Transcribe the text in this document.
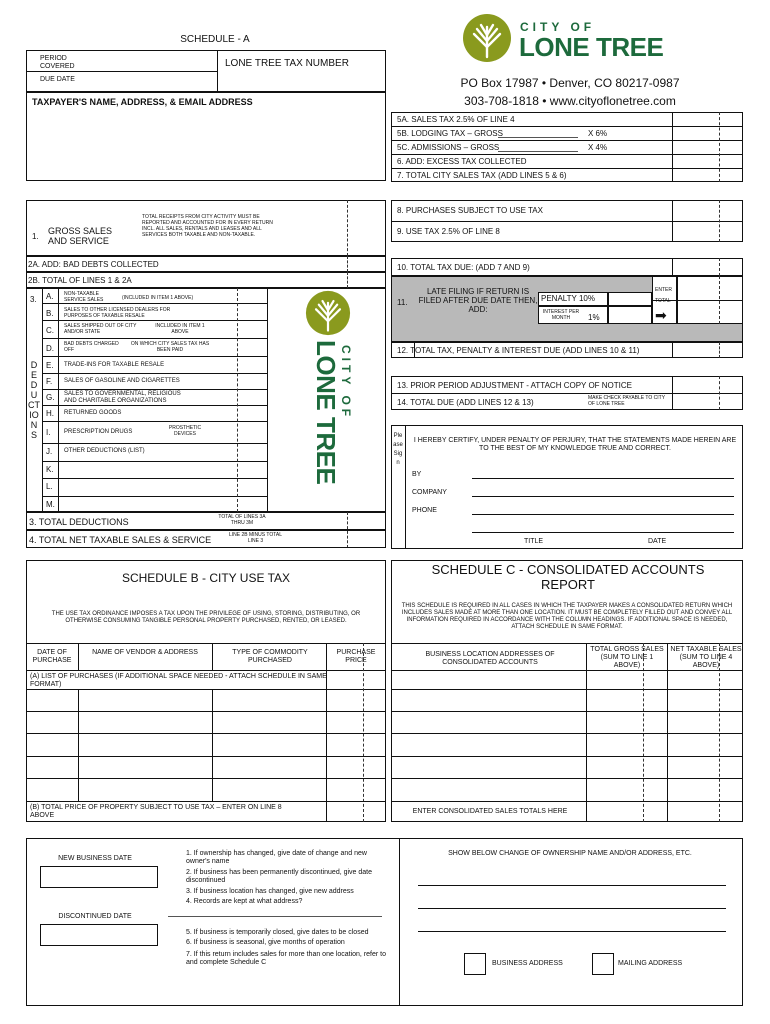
SCHEDULE - A
PERIOD COVERED
DUE DATE
LONE TREE TAX NUMBER
TAXPAYER'S NAME, ADDRESS, & EMAIL ADDRESS
CITY OF
LONE TREE
PO Box 17987 • Denver, CO 80217-0987
303-708-1818 • www.cityoflonetree.com
5A. SALES TAX 2.5% OF LINE 4
5B. LODGING TAX – GROSS	X 6%
5C. ADMISSIONS – GROSS	X 4%
6. ADD: EXCESS TAX COLLECTED
7. TOTAL CITY SALES TAX (ADD LINES 5 & 6)
8. PURCHASES SUBJECT TO USE TAX
9. USE TAX 2.5% OF LINE 8
10. TOTAL TAX DUE: (ADD 7 AND 9)
11.
LATE FILING IF RETURN IS FILED AFTER DUE DATE THEN, ADD:
PENALTY 10%
INTEREST PER MONTH	1%
ENTER
TOTAL
➡
12. TOTAL TAX, PENALTY & INTEREST DUE (ADD LINES 10 & 11)
13. PRIOR PERIOD ADJUSTMENT - ATTACH COPY OF NOTICE
14. TOTAL DUE (ADD LINES 12 & 13)	MAKE CHECK PAYABLE TO CITY OF LONE TREE
1.
GROSS SALES AND SERVICE
TOTAL RECEIPTS FROM CITY ACTIVITY MUST BE REPORTED AND ACCOUNTED FOR IN EVERY RETURN INCL. ALL SALES, RENTALS AND LEASES AND ALL SERVICES BOTH TAXABLE AND NON-TAXABLE.
2A. ADD: BAD DEBTS COLLECTED
2B. TOTAL OF LINES 1 & 2A
3.
DEDUCTIONS
A. NON-TAXABLE SERVICE SALES	(INCLUDED IN ITEM 1 ABOVE)
B. SALES TO OTHER LICENSED DEALERS FOR PURPOSES OF TAXABLE RESALE
C. SALES SHIPPED OUT OF CITY AND/OR STATE
INCLUDED IN ITEM 1 ABOVE
D. BAD DEBTS CHARGED OFF
ON WHICH CITY SALES TAX HAS BEEN PAID
E. TRADE-INS FOR TAXABLE RESALE
F. SALES OF GASOLINE AND CIGARETTES
G. SALES TO GOVERNMENTAL, RELIGIOUS AND CHARITABLE ORGANIZATIONS
H. RETURNED GOODS
I. PRESCRIPTION DRUGS
PROSTHETIC DEVICES
J. OTHER DEDUCTIONS (LIST)
K.
L.
M.
CITY OF
LONE TREE
3. TOTAL DEDUCTIONS	TOTAL OF LINES 3A THRU 3M
4. TOTAL NET TAXABLE SALES & SERVICE	LINE 2B MINUS TOTAL LINE 3
Please Sign
I HEREBY CERTIFY, UNDER PENALTY OF PERJURY, THAT THE STATEMENTS MADE HEREIN ARE TO THE BEST OF MY KNOWLEDGE TRUE AND CORRECT.
BY
COMPANY
PHONE
TITLE	DATE
SCHEDULE B - CITY USE TAX
THE USE TAX ORDINANCE IMPOSES A TAX UPON THE PRIVILEGE OF USING, STORING, DISTRIBUTING, OR OTHERWISE CONSUMING TANGIBLE PERSONAL PROPERTY PURCHASED, RENTED, OR LEASED.
DATE OF PURCHASE
NAME OF VENDOR & ADDRESS	TYPE OF COMMODITY PURCHASED
PURCHASE PRICE
(A) LIST OF PURCHASES (IF ADDITIONAL SPACE NEEDED - ATTACH SCHEDULE IN SAME FORMAT)
(B) TOTAL PRICE OF PROPERTY SUBJECT TO USE TAX – ENTER ON LINE 8 ABOVE
SCHEDULE C - CONSOLIDATED ACCOUNTS REPORT
THIS SCHEDULE IS REQUIRED IN ALL CASES IN WHICH THE TAXPAYER MAKES A CONSOLIDATED RETURN WHICH INCLUDES SALES MADE AT MORE THAN ONE LOCATION. IT MUST BE COMPLETELY FILLED OUT AND CONVEY ALL INFORMATION REQUIRED IN ACCORDANCE WITH THE COLUMN HEADINGS. IF ADDITIONAL SPACE IS NEEDED, ATTACH SCHEDULE IN SAME FORMAT.
BUSINESS LOCATION ADDRESSES OF CONSOLIDATED ACCOUNTS
TOTAL GROSS SALES (SUM TO LINE 1 ABOVE)
NET TAXABLE SALES (SUM TO LINE 4 ABOVE)
ENTER CONSOLIDATED SALES TOTALS HERE
NEW BUSINESS DATE
DISCONTINUED DATE
1. If ownership has changed, give date of change and new owner's name
2. If business has been permanently discontinued, give date discontinued
3. If business location has changed, give new address
4. Records are kept at what address?
5. If business is temporarily closed, give dates to be closed
6. If business is seasonal, give months of operation
7. If this return includes sales for more than one location, refer to and complete Schedule C
SHOW BELOW CHANGE OF OWNERSHIP NAME AND/OR ADDRESS, ETC.
BUSINESS ADDRESS	MAILING ADDRESS
